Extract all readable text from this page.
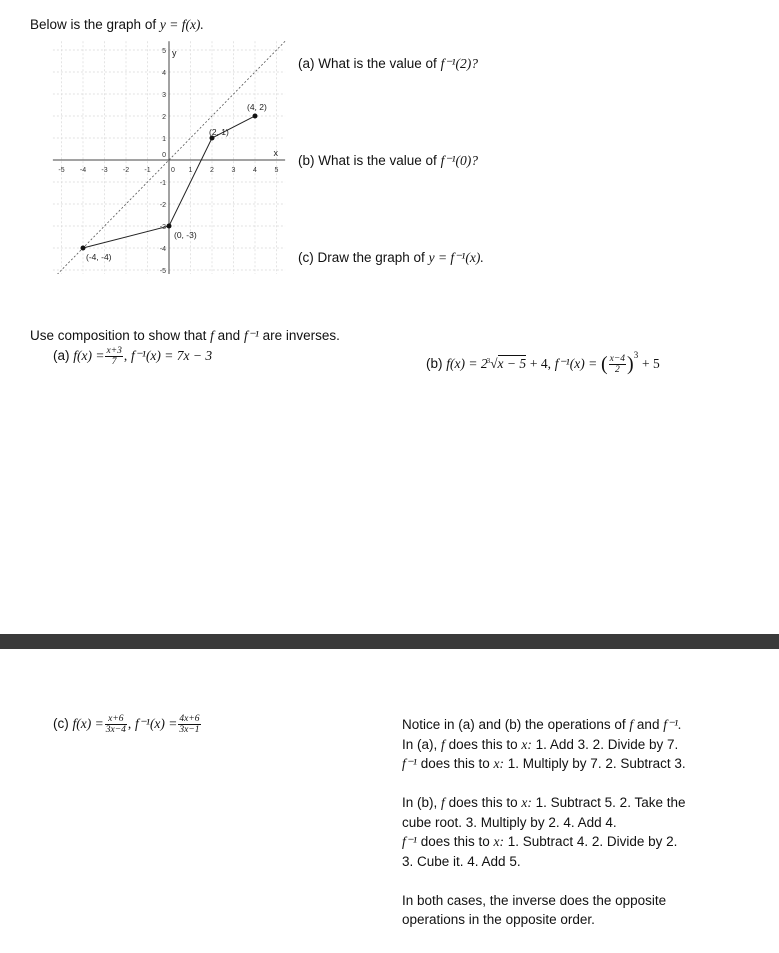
Below is the graph of y = f(x).
-5 -4 -3 -2 -1	0 1	2	3	4	5
5
4
3
2
1
0
-1
-2
-3
-4
-5
y
x
(-4, -4)
(0, -3)
(2, 1)
(4, 2)
(a) What is the value of f⁻¹(2)?
(b) What is the value of f⁻¹(0)?
(c) Draw the graph of y = f⁻¹(x).
Use composition to show that f and f⁻¹ are inverses.
(a) $f(x) = \frac{x+3}{7}$ , f⁻¹(x) = 7x − 3
(b) $f(x) = 2^3√x - 5 + 4$, f⁻¹(x) = ( $\frac{x-4}{2} )^3 + 5$
(c) $f(x) = \frac{x+6}{3x-4}$ , $f^{-1}(x) = \frac{4x+6}{3x-1}$	Notice in (a) and (b) the operations of f and f⁻¹.
In (a), f does this to x: 1. Add 3. 2. Divide by 7.
f⁻¹ does this to x: 1. Multiply by 7. 2. Subtract 3.
In (b), f does this to x: 1. Subtract 5. 2. Take the
cube root. 3. Multiply by 2. 4. Add 4.
f⁻¹ does this to x: 1. Subtract 4. 2. Divide by 2.
3. Cube it. 4. Add 5.
In both cases, the inverse does the opposite
operations in the opposite order.
